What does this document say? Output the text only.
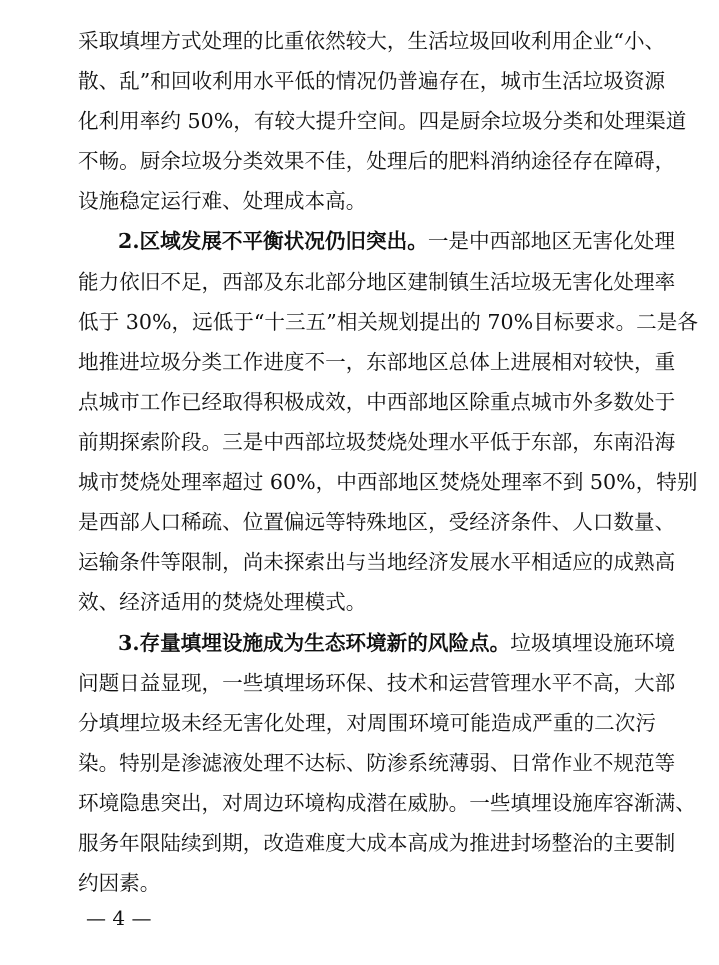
采取填埋方式处理的比重依然较大，生活垃圾回收利用企业“小、
散、乱”和回收利用水平低的情况仍普遍存在，城市生活垃圾资源
化利用率约 50%，有较大提升空间。四是厨余垃圾分类和处理渠道
不畅。厨余垃圾分类效果不佳，处理后的肥料消纳途径存在障碍，
设施稳定运行难、处理成本高。
2.区域发展不平衡状况仍旧突出。一是中西部地区无害化处理
能力依旧不足，西部及东北部分地区建制镇生活垃圾无害化处理率
低于 30%，远低于“十三五”相关规划提出的 70%目标要求。二是各
地推进垃圾分类工作进度不一，东部地区总体上进展相对较快，重
点城市工作已经取得积极成效，中西部地区除重点城市外多数处于
前期探索阶段。三是中西部垃圾焚烧处理水平低于东部，东南沿海
城市焚烧处理率超过 60%，中西部地区焚烧处理率不到 50%，特别
是西部人口稀疏、位置偏远等特殊地区，受经济条件、人口数量、
运输条件等限制，尚未探索出与当地经济发展水平相适应的成熟高
效、经济适用的焚烧处理模式。
3.存量填埋设施成为生态环境新的风险点。垃圾填埋设施环境
问题日益显现，一些填埋场环保、技术和运营管理水平不高，大部
分填埋垃圾未经无害化处理，对周围环境可能造成严重的二次污
染。特别是渗滤液处理不达标、防渗系统薄弱、日常作业不规范等
环境隐患突出，对周边环境构成潜在威胁。一些填埋设施库容渐满、
服务年限陆续到期，改造难度大成本高成为推进封场整治的主要制
约因素。
— 4 —
